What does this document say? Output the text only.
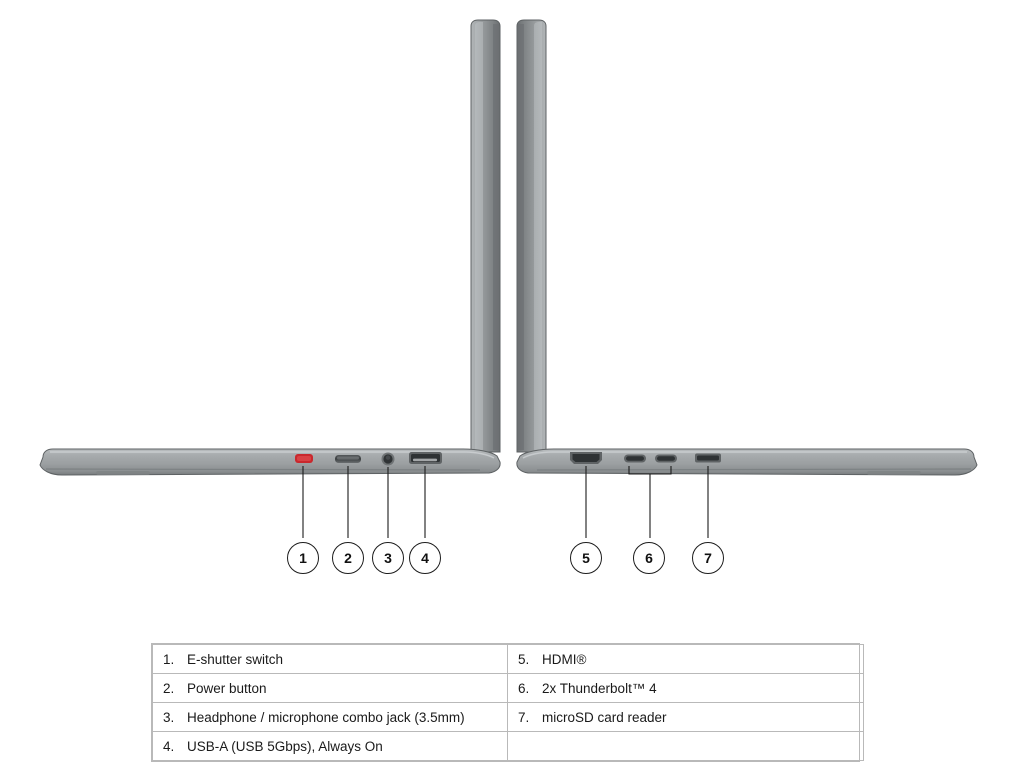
1	2	3	4	5	6	7
1. E-shutter switch	5. HDMI®

2. Power button	6. 2x Thunderbolt™ 4

3. Headphone / microphone combo jack (3.5mm)	7. microSD card reader

4. USB-A (USB 5Gbps), Always On	
